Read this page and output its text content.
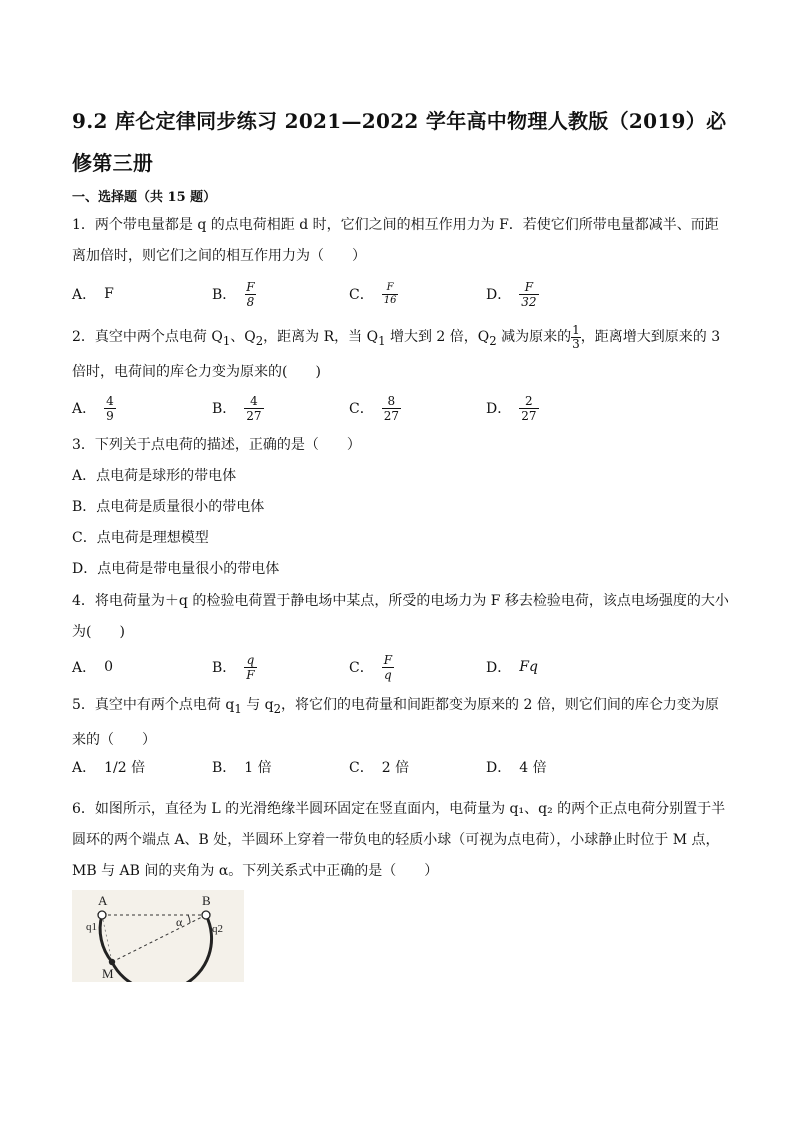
9.2 库仑定律同步练习 2021—2022 学年高中物理人教版（2019）必修第三册
一、选择题（共 15 题）
1．两个带电量都是 q 的点电荷相距 d 时，它们之间的相互作用力为 F．若使它们所带电量都减半、而距离加倍时，则它们之间的相互作用力为（　　）
A． F	B． $\frac{F}{8}$	C． $\frac{F}{16}$	D． $\frac{F}{32}$
2．真空中两个点电荷 $Q_1$、$Q_2$，距离为 R，当 $Q_1$ 增大到 2 倍，$Q_2$ 减为原来的 $\frac{1}{3}$ ，距离增大到原来的 3 倍时，电荷间的库仑力变为原来的(　　)
A． $\frac{4}{9}$	B． $\frac{4}{27}$	C． $\frac{8}{27}$	D． $\frac{2}{27}$
3．下列关于点电荷的描述，正确的是（　　）
A．点电荷是球形的带电体
B．点电荷是质量很小的带电体
C．点电荷是理想模型
D．点电荷是带电量很小的带电体
4．将电荷量为＋q 的检验电荷置于静电场中某点，所受的电场力为 F 移去检验电荷，该点电场强度的大小为(　　)
A． 0	B． $\frac{q}{F}$	C． $\frac{F}{q}$	D． Fq
5．真空中有两个点电荷 $q_1$ 与 $q_2$，将它们的电荷量和间距都变为原来的 2 倍，则它们间的库仑力变为原来的（　　）
A． 1/2 倍	B． 1 倍	C． 2 倍	D． 4 倍
6．如图所示，直径为 L 的光滑绝缘半圆环固定在竖直面内，电荷量为 q₁、q₂ 的两个正点电荷分别置于半圆环的两个端点 A、B 处，半圆环上穿着一带负电的轻质小球（可视为点电荷），小球静止时位于 M 点，MB 与 AB 间的夹角为 α。下列关系式中正确的是（　　）
A	B
q1	q2
α
M
